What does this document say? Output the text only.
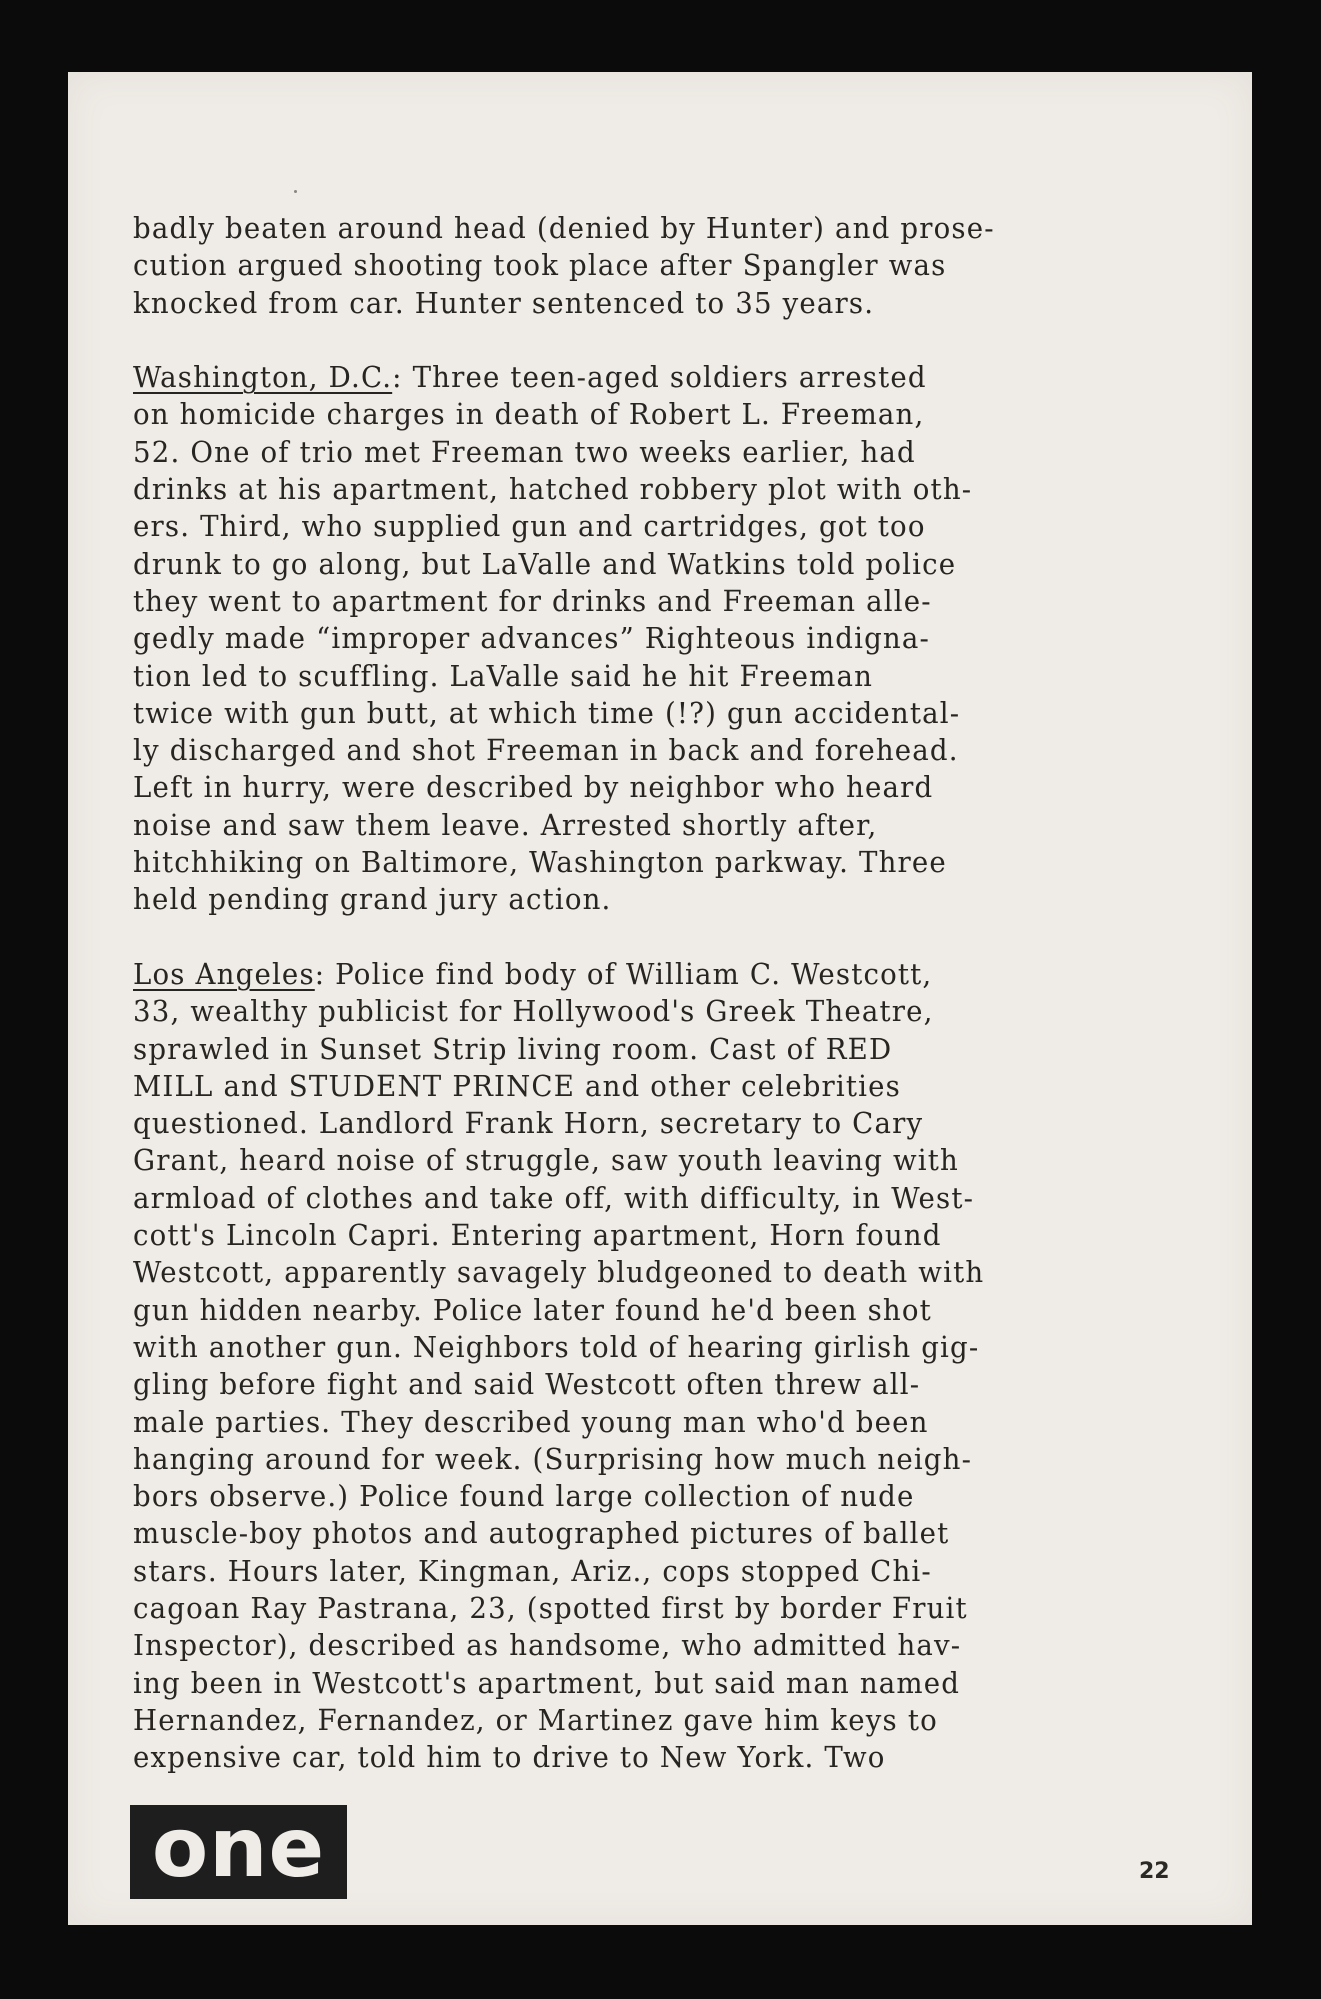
badly beaten around head (denied by Hunter) and prose-
cution argued shooting took place after Spangler was
knocked from car. Hunter sentenced to 35 years.

Washington, D.C.: Three teen-aged soldiers arrested
on homicide charges in death of Robert L. Freeman,
52. One of trio met Freeman two weeks earlier, had
drinks at his apartment, hatched robbery plot with oth-
ers. Third, who supplied gun and cartridges, got too
drunk to go along, but LaValle and Watkins told police
they went to apartment for drinks and Freeman alle-
gedly made “improper advances” Righteous indigna-
tion led to scuffling. LaValle said he hit Freeman
twice with gun butt, at which time (!?) gun accidental-
ly discharged and shot Freeman in back and forehead.
Left in hurry, were described by neighbor who heard
noise and saw them leave. Arrested shortly after,
hitchhiking on Baltimore, Washington parkway. Three
held pending grand jury action.

Los Angeles: Police find body of William C. Westcott,
33, wealthy publicist for Hollywood's Greek Theatre,
sprawled in Sunset Strip living room. Cast of RED
MILL and STUDENT PRINCE and other celebrities
questioned. Landlord Frank Horn, secretary to Cary
Grant, heard noise of struggle, saw youth leaving with
armload of clothes and take off, with difficulty, in West-
cott's Lincoln Capri. Entering apartment, Horn found
Westcott, apparently savagely bludgeoned to death with
gun hidden nearby. Police later found he'd been shot
with another gun. Neighbors told of hearing girlish gig-
gling before fight and said Westcott often threw all-
male parties. They described young man who'd been
hanging around for week. (Surprising how much neigh-
bors observe.) Police found large collection of nude
muscle-boy photos and autographed pictures of ballet
stars. Hours later, Kingman, Ariz., cops stopped Chi-
cagoan Ray Pastrana, 23, (spotted first by border Fruit
Inspector), described as handsome, who admitted hav-
ing been in Westcott's apartment, but said man named
Hernandez, Fernandez, or Martinez gave him keys to
expensive car, told him to drive to New York. Two

one	22
